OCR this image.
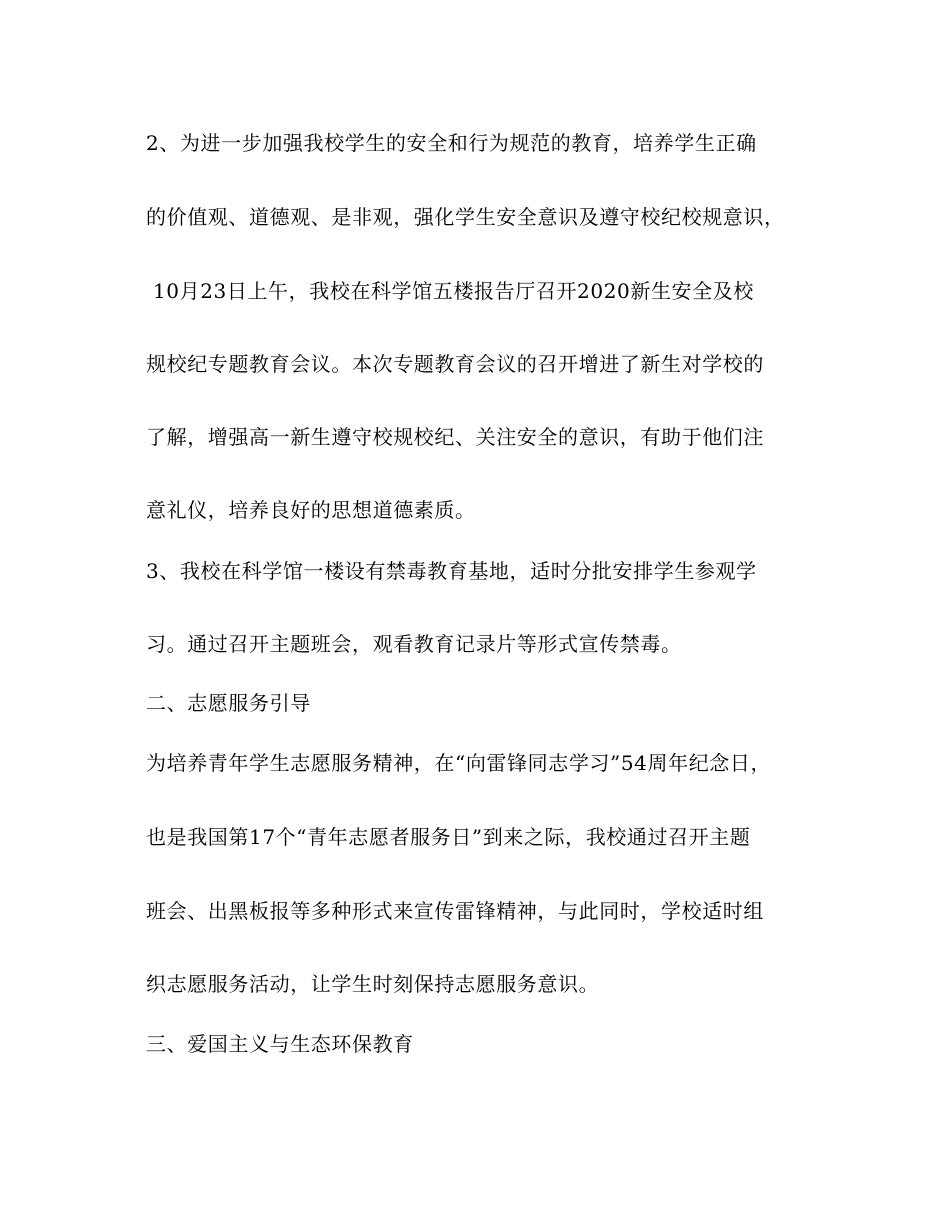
2、为进一步加强我校学生的安全和行为规范的教育，培养学生正确
的价值观、道德观、是非观，强化学生安全意识及遵守校纪校规意识，
10月23日上午，我校在科学馆五楼报告厅召开2020新生安全及校
规校纪专题教育会议。本次专题教育会议的召开增进了新生对学校的
了解，增强高一新生遵守校规校纪、关注安全的意识，有助于他们注
意礼仪，培养良好的思想道德素质。
3、我校在科学馆一楼设有禁毒教育基地，适时分批安排学生参观学
习。通过召开主题班会，观看教育记录片等形式宣传禁毒。
二、志愿服务引导
为培养青年学生志愿服务精神，在“向雷锋同志学习”54周年纪念日，
也是我国第17个“青年志愿者服务日”到来之际，我校通过召开主题
班会、出黑板报等多种形式来宣传雷锋精神，与此同时，学校适时组
织志愿服务活动，让学生时刻保持志愿服务意识。
三、爱国主义与生态环保教育
